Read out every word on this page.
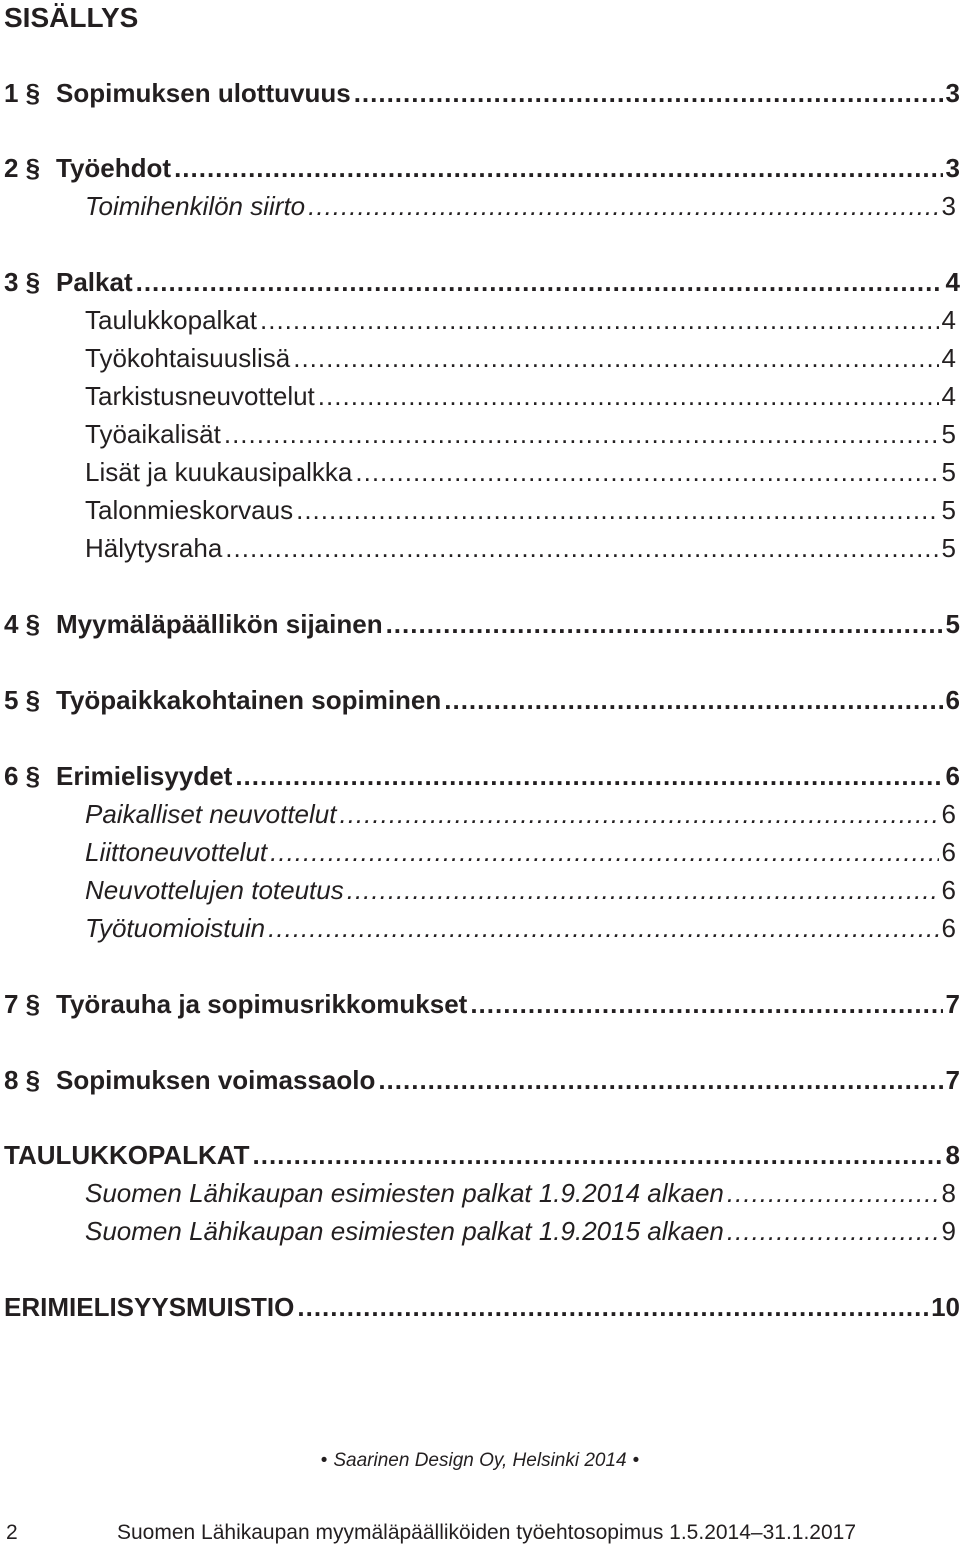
SISÄLLYS
1 § Sopimuksen ulottuvuus .....	3
2 § Työehdot .....	3
Toimihenkilön siirto .....	3
3 § Palkat .....	4
Taulukkopalkat .....	4
Työkohtaisuuslisä .....	4
Tarkistusneuvottelut .....	4
Työaikalisät .....	5
Lisät ja kuukausipalkka .....	5
Talonmieskorvaus .....	5
Hälytysraha .....	5
4 § Myymäläpäällikön sijainen .....	5
5 § Työpaikkakohtainen sopiminen .....	6
6 § Erimielisyydet .....	6
Paikalliset neuvottelut .....	6
Liittoneuvottelut .....	6
Neuvottelujen toteutus .....	6
Työtuomioistuin .....	6
7 § Työrauha ja sopimusrikkomukset .....	7
8 § Sopimuksen voimassaolo .....	7
TAULUKKOPALKAT .....	8
Suomen Lähikaupan esimiesten palkat 1.9.2014 alkaen .....	8
Suomen Lähikaupan esimiesten palkat 1.9.2015 alkaen .....	9
ERIMIELISYYSMUISTIO .....	10
• Saarinen Design Oy, Helsinki 2014 •
2	Suomen Lähikaupan myymäläpäälliköiden työehtosopimus 1.5.2014–31.1.2017
